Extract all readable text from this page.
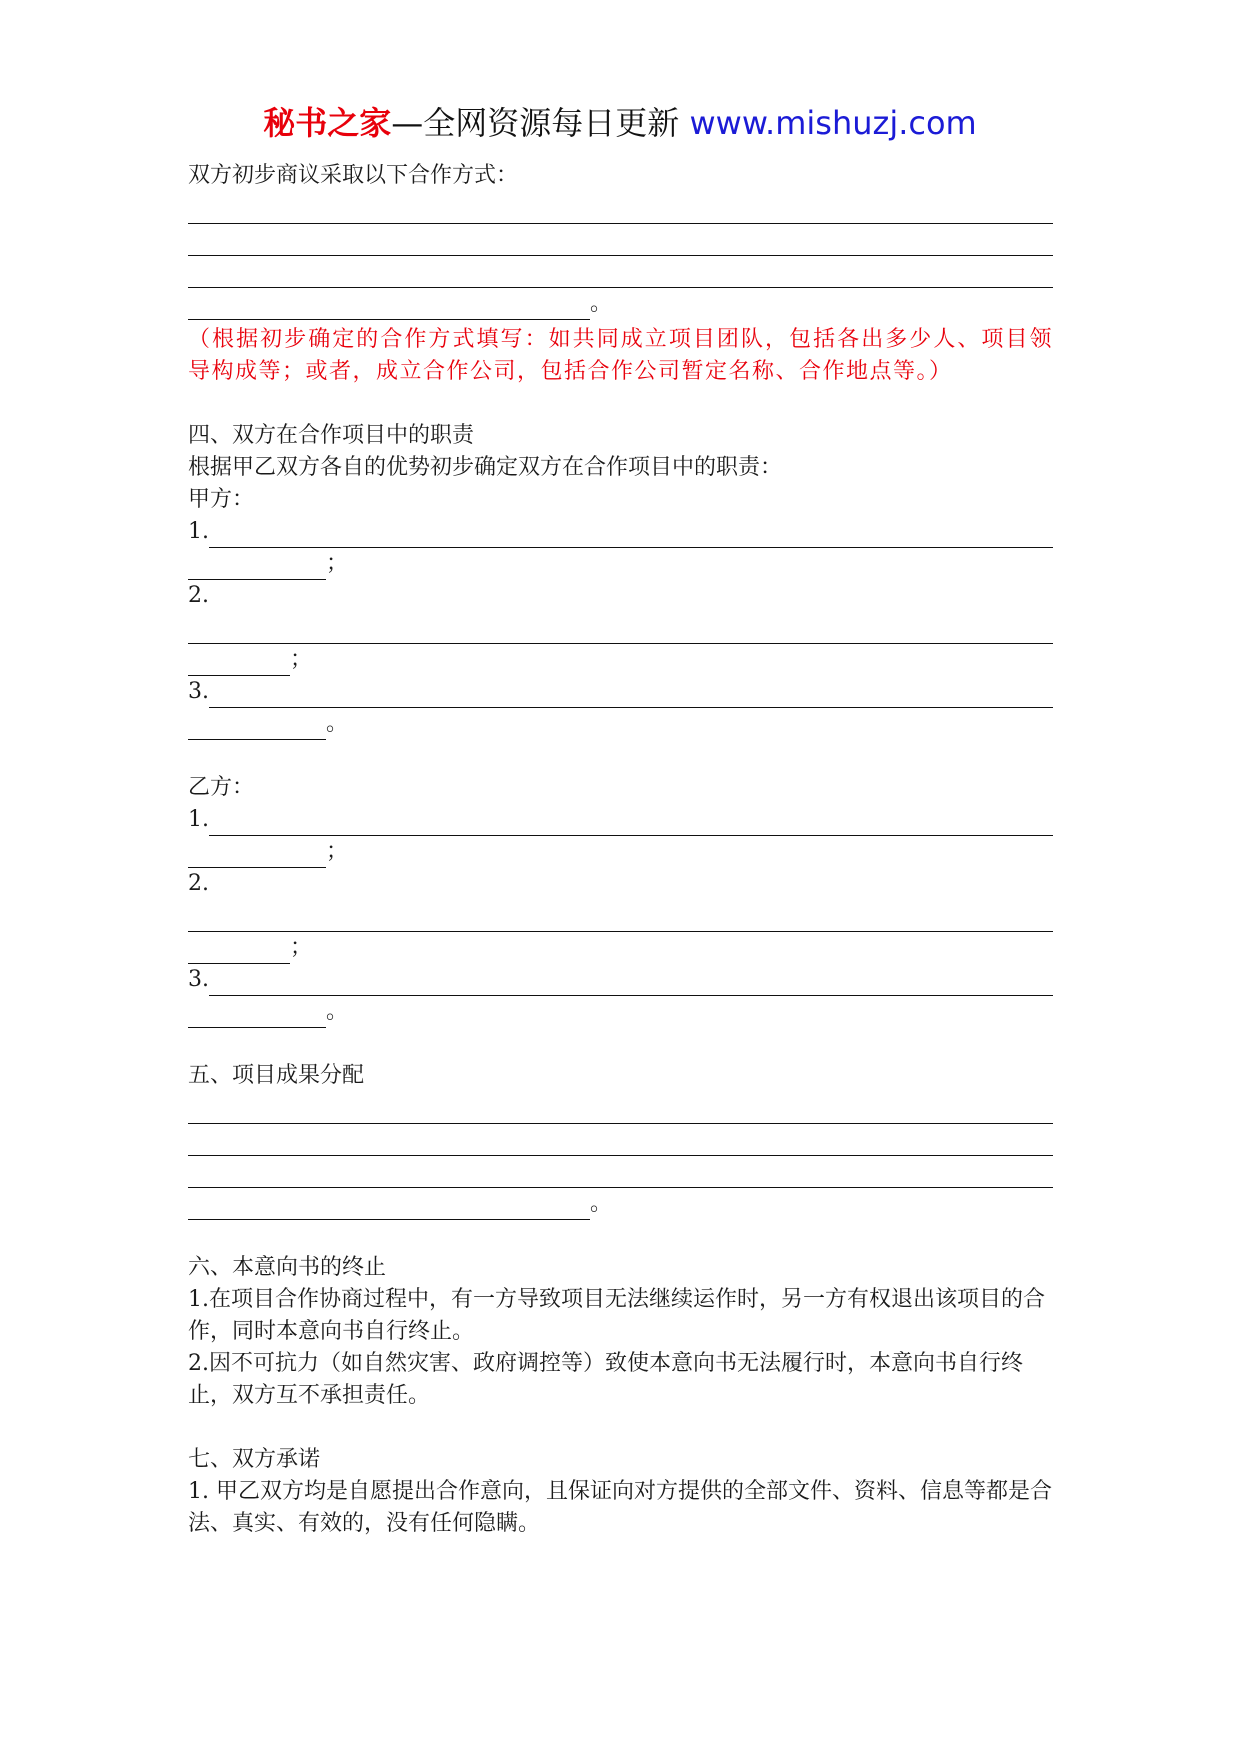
秘书之家—全网资源每日更新 www.mishuzj.com

双方初步商议采取以下合作方式：

。

（根据初步确定的合作方式填写：如共同成立项目团队，包括各出多少人、项目领导构成等；或者，成立合作公司，包括合作公司暂定名称、合作地点等。）

四、双方在合作项目中的职责

根据甲乙双方各自的优势初步确定双方在合作项目中的职责：

甲方：

1.
；

2.

；
3.
。

乙方：

1.
；

2.

；
3.
。

五、项目成果分配

。

六、本意向书的终止

1.在项目合作协商过程中，有一方导致项目无法继续运作时，另一方有权退出该项目的合作，同时本意向书自行终止。

2.因不可抗力（如自然灾害、政府调控等）致使本意向书无法履行时，本意向书自行终止，双方互不承担责任。

七、双方承诺

1. 甲乙双方均是自愿提出合作意向，且保证向对方提供的全部文件、资料、信息等都是合法、真实、有效的，没有任何隐瞒。
